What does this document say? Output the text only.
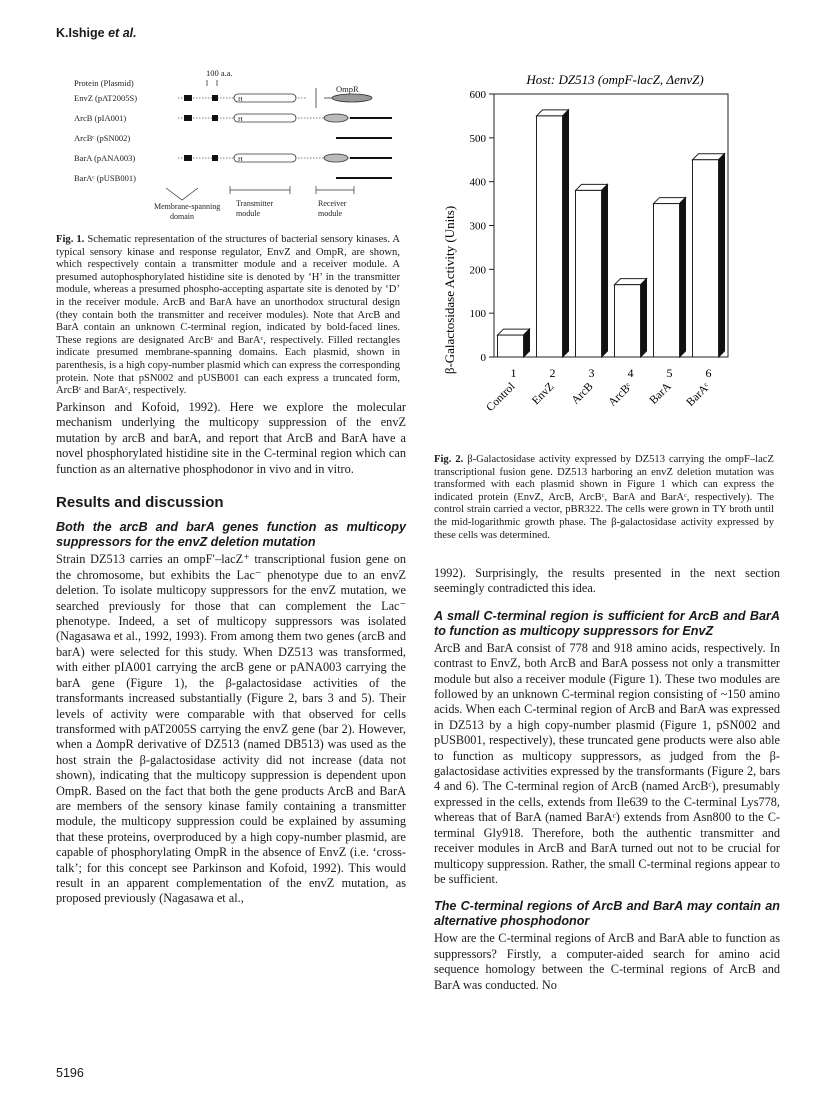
K.Ishige et al.
100 a.a.
Protein (Plasmid)
OmpR
EnvZ (pAT2005S)	H
ArcB (pIA001)	H
ArcBᶜ (pSN002)
BarA (pANA003)	H
BarAᶜ (pUSB001)
Membrane-spanning domain
Transmitter module
Receiver module
Fig. 1. Schematic representation of the structures of bacterial sensory kinases. A typical sensory kinase and response regulator, EnvZ and OmpR, are shown, which respectively contain a transmitter module and a receiver module. A presumed autophosphorylated histidine site is denoted by ‘H’ in the transmitter module, whereas a presumed phospho-accepting aspartate site is denoted by ‘D’ in the receiver module. ArcB and BarA have an unorthodox structural design (they contain both the transmitter and receiver modules). Note that ArcB and BarA contain an unknown C-terminal region, indicated by bold-faced lines. These regions are designated ArcBᶜ and BarAᶜ, respectively. Filled rectangles indicate presumed membrane-spanning domains. Each plasmid, shown in parenthesis, is a high copy-number plasmid which can express the corresponding protein. Note that pSN002 and pUSB001 can each express a truncated form, ArcBᶜ and BarAᶜ, respectively.
Host: DZ513 (ompF-lacZ, ΔenvZ)
β-Galactosidase Activity (Units) 0
100
200
300
400
500
600
1
Control
2
EnvZ
3
ArcB
4
ArcBᶜ
5
BarA
6
BarAᶜ
Fig. 2. β-Galactosidase activity expressed by DZ513 carrying the ompF–lacZ transcriptional fusion gene. DZ513 harboring an envZ deletion mutation was transformed with each plasmid shown in Figure 1 which can express the indicated protein (EnvZ, ArcB, ArcBᶜ, BarA and BarAᶜ, respectively). The control strain carried a vector, pBR322. The cells were grown in TY broth until the mid-logarithmic growth phase. The β-galactosidase activity expressed by these cells was determined.

Parkinson and Kofoid, 1992). Here we explore the molecular mechanism underlying the multicopy suppression of the envZ mutation by arcB and barA, and report that ArcB and BarA have a novel phosphorylated histidine site in the C-terminal region which can function as an alternative phosphodonor in vivo and in vitro.

Results and discussion
Both the arcB and barA genes function as multicopy suppressors for the envZ deletion mutation

Strain DZ513 carries an ompF′–lacZ⁺ transcriptional fusion gene on the chromosome, but exhibits the Lac⁻ phenotype due to an envZ deletion. To isolate multicopy suppressors for the envZ mutation, we searched previously for those that can complement the Lac⁻ phenotype. Indeed, a set of multicopy suppressors was isolated (Nagasawa et al., 1992, 1993). From among them two genes (arcB and barA) were selected for this study. When DZ513 was transformed, with either pIA001 carrying the arcB gene or pANA003 carrying the barA gene (Figure 1), the β-galactosidase activities of the transformants increased substantially (Figure 2, bars 3 and 5). Their levels of activity were comparable with that observed for cells transformed with pAT2005S carrying the envZ gene (bar 2). However, when a ΔompR derivative of DZ513 (named DB513) was used as the host strain the β-galactosidase activity did not increase (data not shown), indicating that the multicopy suppression is dependent upon OmpR. Based on the fact that both the gene products ArcB and BarA are members of the sensory kinase family containing a transmitter module, the multicopy suppression could be explained by assuming that these proteins, overproduced by a high copy-number plasmid, are capable of phosphorylating OmpR in the absence of EnvZ (i.e. ‘cross-talk’; for this concept see Parkinson and Kofoid, 1992). This would result in an apparent complementation of the envZ mutation, as proposed previously (Nagasawa et al.,

1992). Surprisingly, the results presented in the next section seemingly contradicted this idea.

A small C-terminal region is sufficient for ArcB and BarA to function as multicopy suppressors for EnvZ

ArcB and BarA consist of 778 and 918 amino acids, respectively. In contrast to EnvZ, both ArcB and BarA possess not only a transmitter module but also a receiver module (Figure 1). These two modules are followed by an unknown C-terminal region consisting of ~150 amino acids. When each C-terminal region of ArcB and BarA was expressed in DZ513 by a high copy-number plasmid (Figure 1, pSN002 and pUSB001, respectively), these truncated gene products were also able to function as multicopy suppressors, as judged from the β-galactosidase activities expressed by the transformants (Figure 2, bars 4 and 6). The C-terminal region of ArcB (named ArcBᶜ), presumably expressed in the cells, extends from Ile639 to the C-terminal Lys778, whereas that of BarA (named BarAᶜ) extends from Asn800 to the C-terminal Gly918. Therefore, both the authentic transmitter and receiver modules in ArcB and BarA turned out not to be crucial for multicopy suppression. Rather, the small C-terminal regions appear to be sufficient.

The C-terminal regions of ArcB and BarA may contain an alternative phosphodonor

How are the C-terminal regions of ArcB and BarA able to function as suppressors? Firstly, a computer-aided search for amino acid sequence homology between the C-terminal regions of ArcB and BarA was conducted. No

5196
